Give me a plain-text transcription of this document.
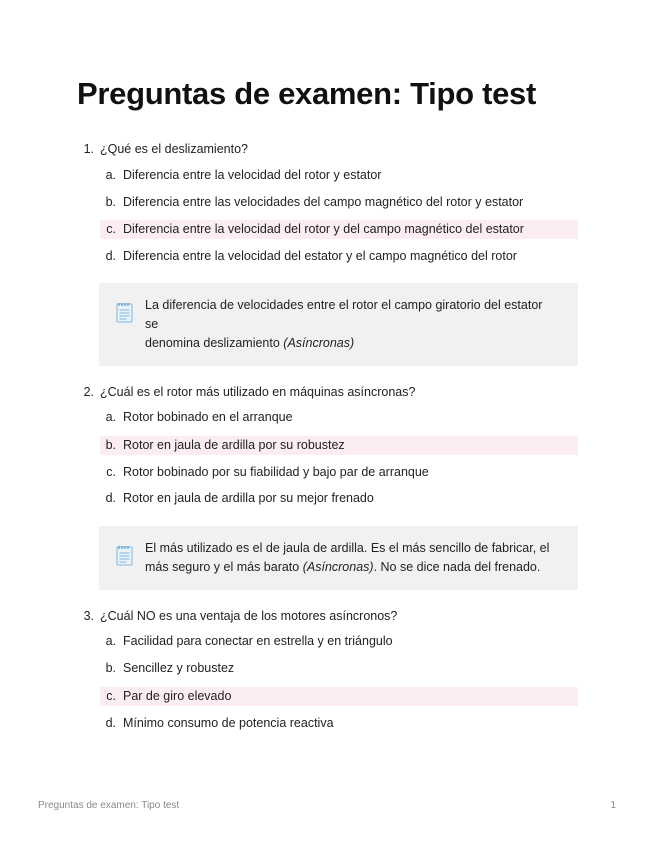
Preguntas de examen: Tipo test
1. ¿Qué es el deslizamiento?
a. Diferencia entre la velocidad del rotor y estator
b. Diferencia entre las velocidades del campo magnético del rotor y estator
c. Diferencia entre la velocidad del rotor y del campo magnético del estator
d. Diferencia entre la velocidad del estator y el campo magnético del rotor

La diferencia de velocidades entre el rotor el campo giratorio del estator

se

denomina deslizamiento (Asíncronas)

2. ¿Cuál es el rotor más utilizado en máquinas asíncronas?
a. Rotor bobinado en el arranque
b. Rotor en jaula de ardilla por su robustez
c. Rotor bobinado por su fiabilidad y bajo par de arranque
d. Rotor en jaula de ardilla por su mejor frenado

El más utilizado es el de jaula de ardilla. Es el más sencillo de fabricar, el

más seguro y el más barato (Asíncronas). No se dice nada del frenado.

3. ¿Cuál NO es una ventaja de los motores asíncronos?
a. Facilidad para conectar en estrella y en triángulo
b. Sencillez y robustez
c. Par de giro elevado
d. Mínimo consumo de potencia reactiva
Preguntas de examen: Tipo test	1
